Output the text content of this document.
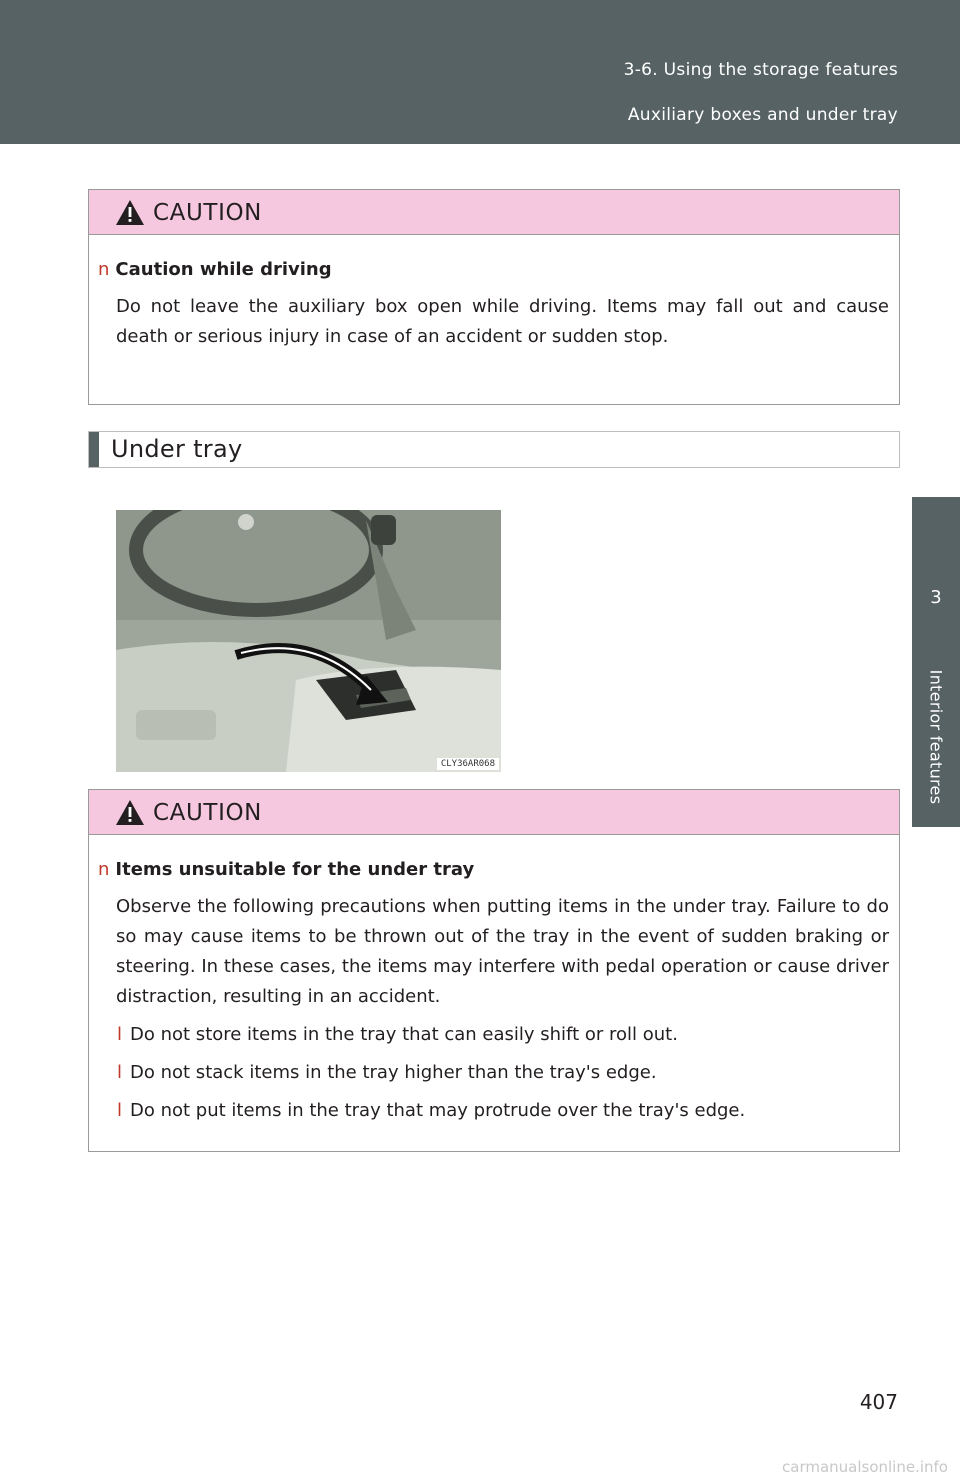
3-6. Using the storage features
Auxiliary boxes and under tray
3
Interior features
CAUTION
n Caution while driving
Do not leave the auxiliary box open while driving. Items may fall out and cause death or serious injury in case of an accident or sudden stop.
Under tray
CLY36AR068
CAUTION
n Items unsuitable for the under tray
Observe the following precautions when putting items in the under tray. Failure to do so may cause items to be thrown out of the tray in the event of sudden braking or steering. In these cases, the items may interfere with pedal operation or cause driver distraction, resulting in an accident.
l Do not store items in the tray that can easily shift or roll out.
l Do not stack items in the tray higher than the tray's edge.
l Do not put items in the tray that may protrude over the tray's edge.
407
carmanualsonline.info
